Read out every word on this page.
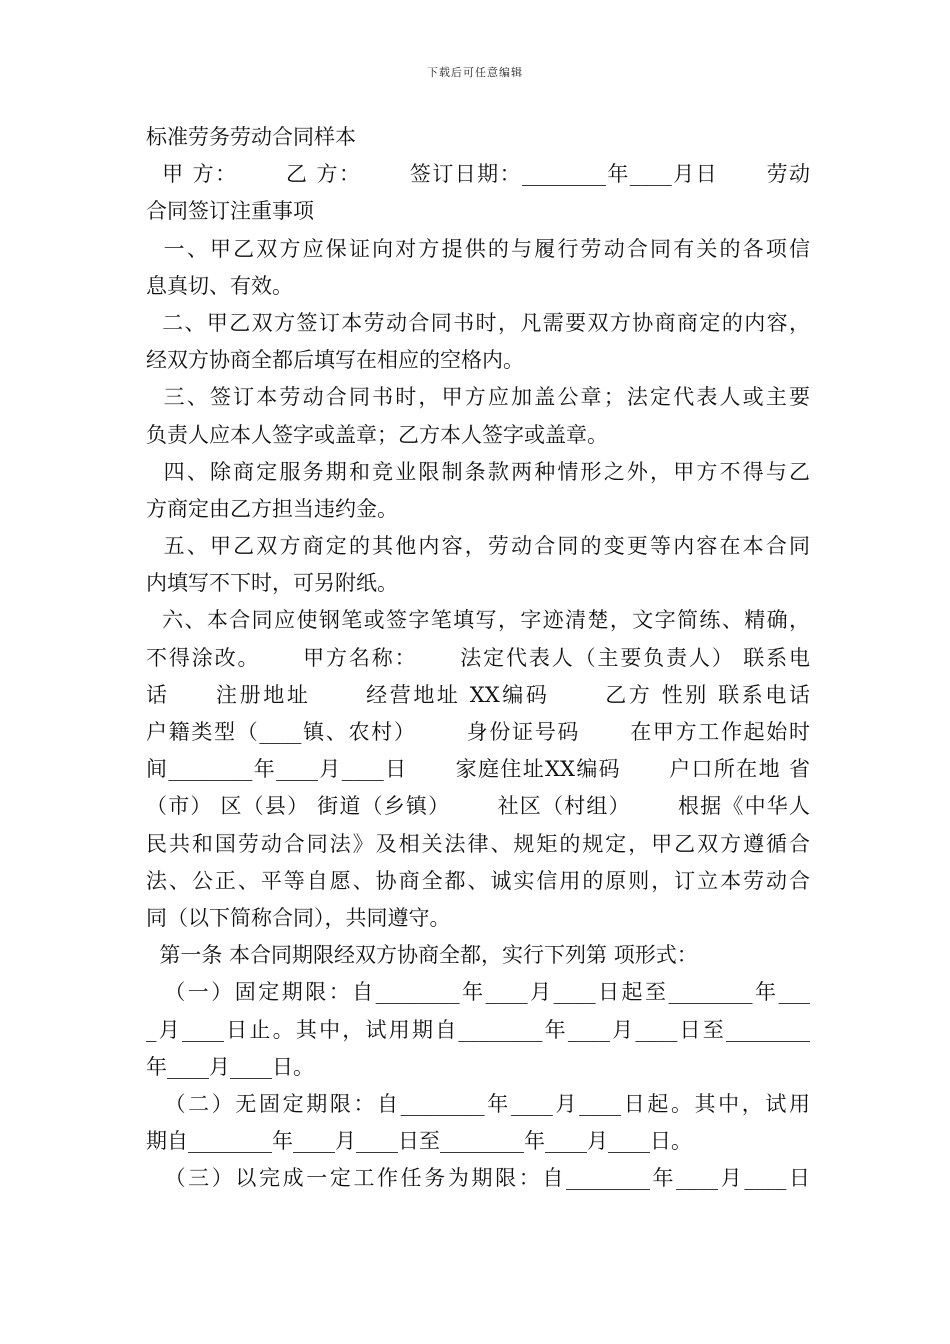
下载后可任意编辑
标准劳务劳动合同样本
甲 方：      乙 方：      签订日期：________年____月日      劳动
合同签订注重事项
一、甲乙双方应保证向对方提供的与履行劳动合同有关的各项信
息真切、有效。
二、甲乙双方签订本劳动合同书时，凡需要双方协商商定的内容，
经双方协商全都后填写在相应的空格内。
三、签订本劳动合同书时，甲方应加盖公章；法定代表人或主要
负责人应本人签字或盖章；乙方本人签字或盖章。
四、除商定服务期和竞业限制条款两种情形之外，甲方不得与乙
方商定由乙方担当违约金。
五、甲乙双方商定的其他内容，劳动合同的变更等内容在本合同
内填写不下时，可另附纸。
六、本合同应使钢笔或签字笔填写，字迹清楚，文字简练、精确，
不得涂改。     甲方名称：     法定代表人（主要负责人） 联系电
话     注册地址      经营地址 XX编码      乙方 性别 联系电话
户籍类型（____镇、农村）      身份证号码      在甲方工作起始时
间________年____月____日      家庭住址XX编码      户口所在地 省
（市） 区（县） 街道（乡镇）      社区（村组）      根据《中华人
民共和国劳动合同法》及相关法律、规矩的规定，甲乙双方遵循合
法、公正、平等自愿、协商全都、诚实信用的原则，订立本劳动合
同（以下简称合同），共同遵守。
第一条 本合同期限经双方协商全都，实行下列第 项形式：
（一）固定期限：自________年____月____日起至________年___
_月____日止。其中，试用期自________年____月____日至________
年____月____日。
（二）无固定期限：自________年____月____日起。其中，试用
期自________年____月____日至________年____月____日。
（三）以完成一定工作任务为期限：自________年____月____日
